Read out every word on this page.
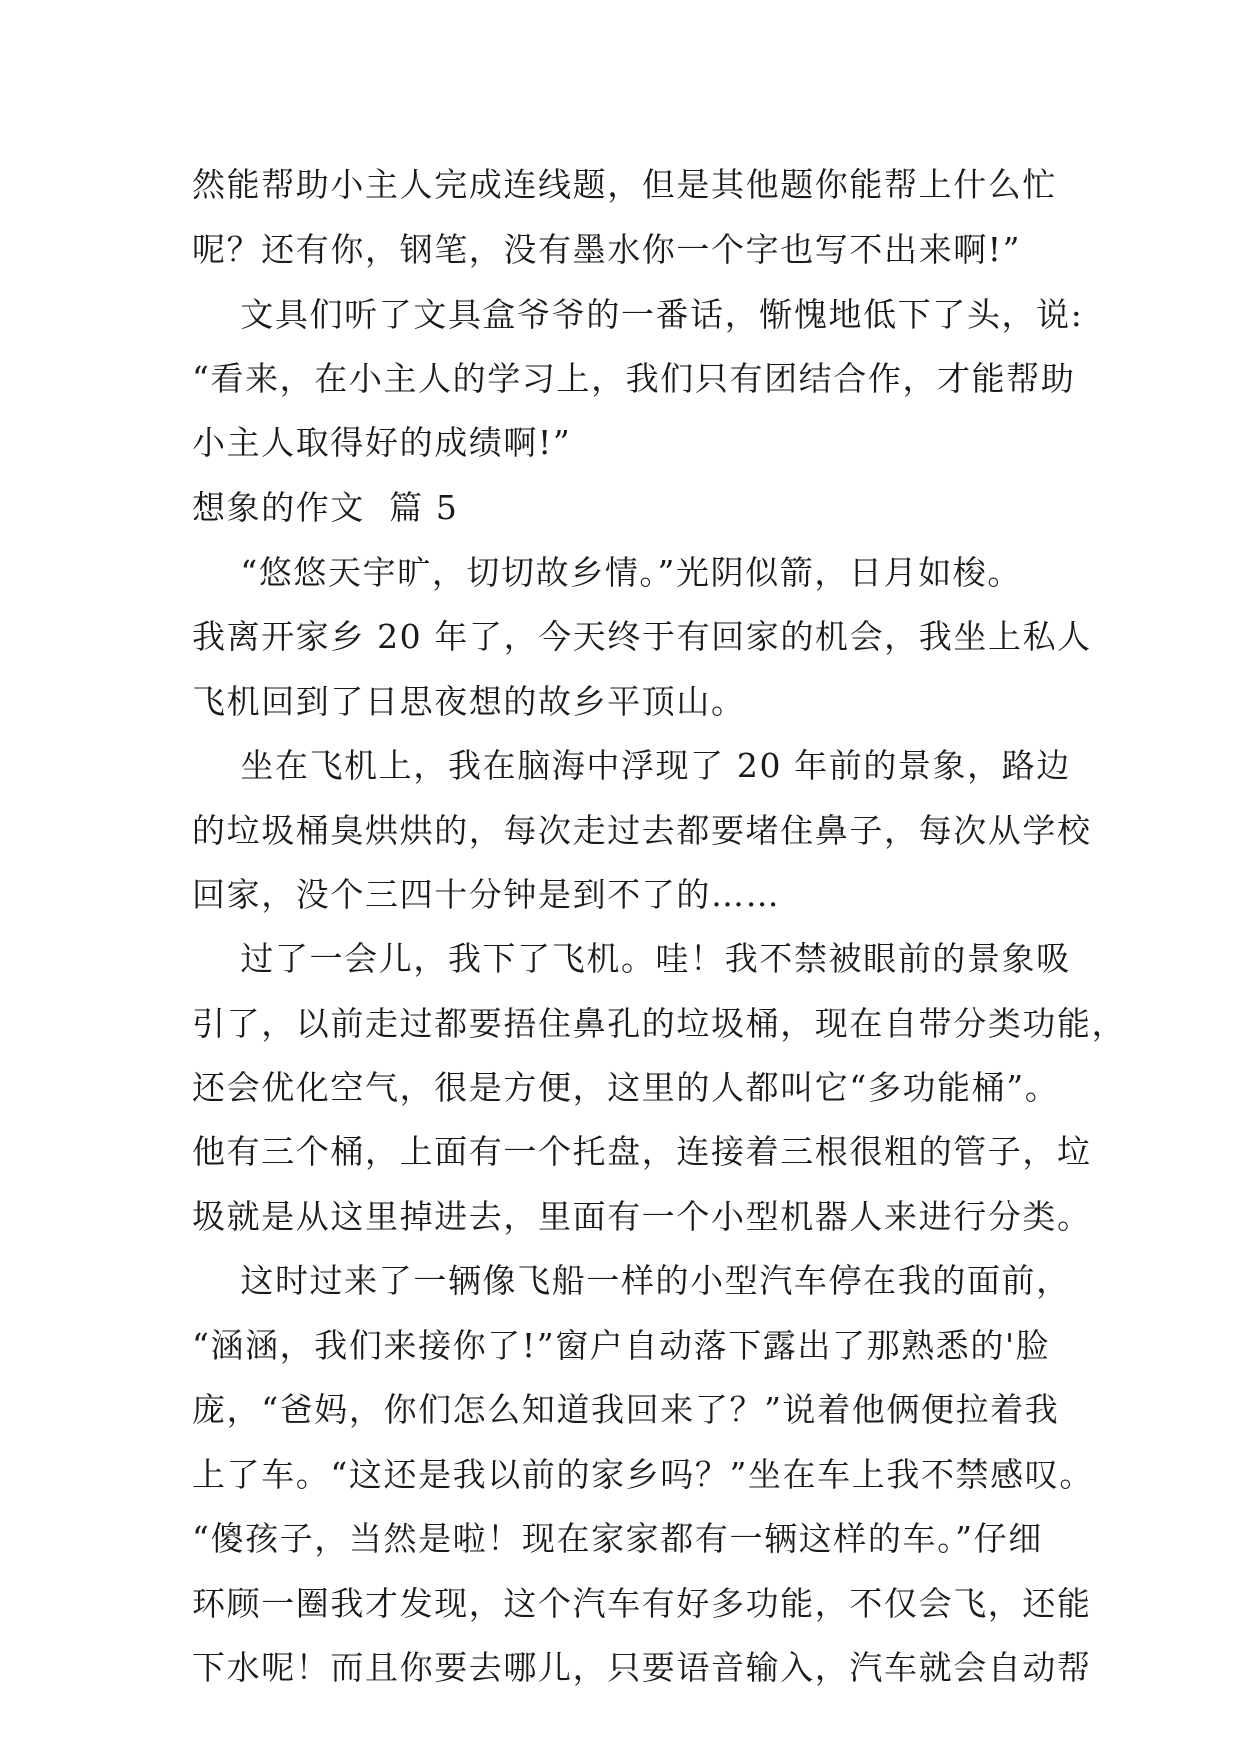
然能帮助小主人完成连线题，但是其他题你能帮上什么忙
呢？还有你，钢笔，没有墨水你一个字也写不出来啊!”
文具们听了文具盒爷爷的一番话，惭愧地低下了头，说:
“看来，在小主人的学习上，我们只有团结合作，才能帮助
小主人取得好的成绩啊!”
想象的作文  篇 5
“悠悠天宇旷，切切故乡情。”光阴似箭，日月如梭。
我离开家乡 20 年了，今天终于有回家的机会，我坐上私人
飞机回到了日思夜想的故乡平顶山。
坐在飞机上，我在脑海中浮现了 20 年前的景象，路边
的垃圾桶臭烘烘的，每次走过去都要堵住鼻子，每次从学校
回家，没个三四十分钟是到不了的……
过了一会儿，我下了飞机。哇！我不禁被眼前的景象吸
引了，以前走过都要捂住鼻孔的垃圾桶，现在自带分类功能，
还会优化空气，很是方便，这里的人都叫它“多功能桶”。
他有三个桶，上面有一个托盘，连接着三根很粗的管子，垃
圾就是从这里掉进去，里面有一个小型机器人来进行分类。
这时过来了一辆像飞船一样的小型汽车停在我的面前，
“涵涵，我们来接你了!”窗户自动落下露出了那熟悉的'脸
庞，“爸妈，你们怎么知道我回来了？”说着他俩便拉着我
上了车。“这还是我以前的家乡吗？”坐在车上我不禁感叹。
“傻孩子，当然是啦！现在家家都有一辆这样的车。”仔细
环顾一圈我才发现，这个汽车有好多功能，不仅会飞，还能
下水呢！而且你要去哪儿，只要语音输入，汽车就会自动帮
